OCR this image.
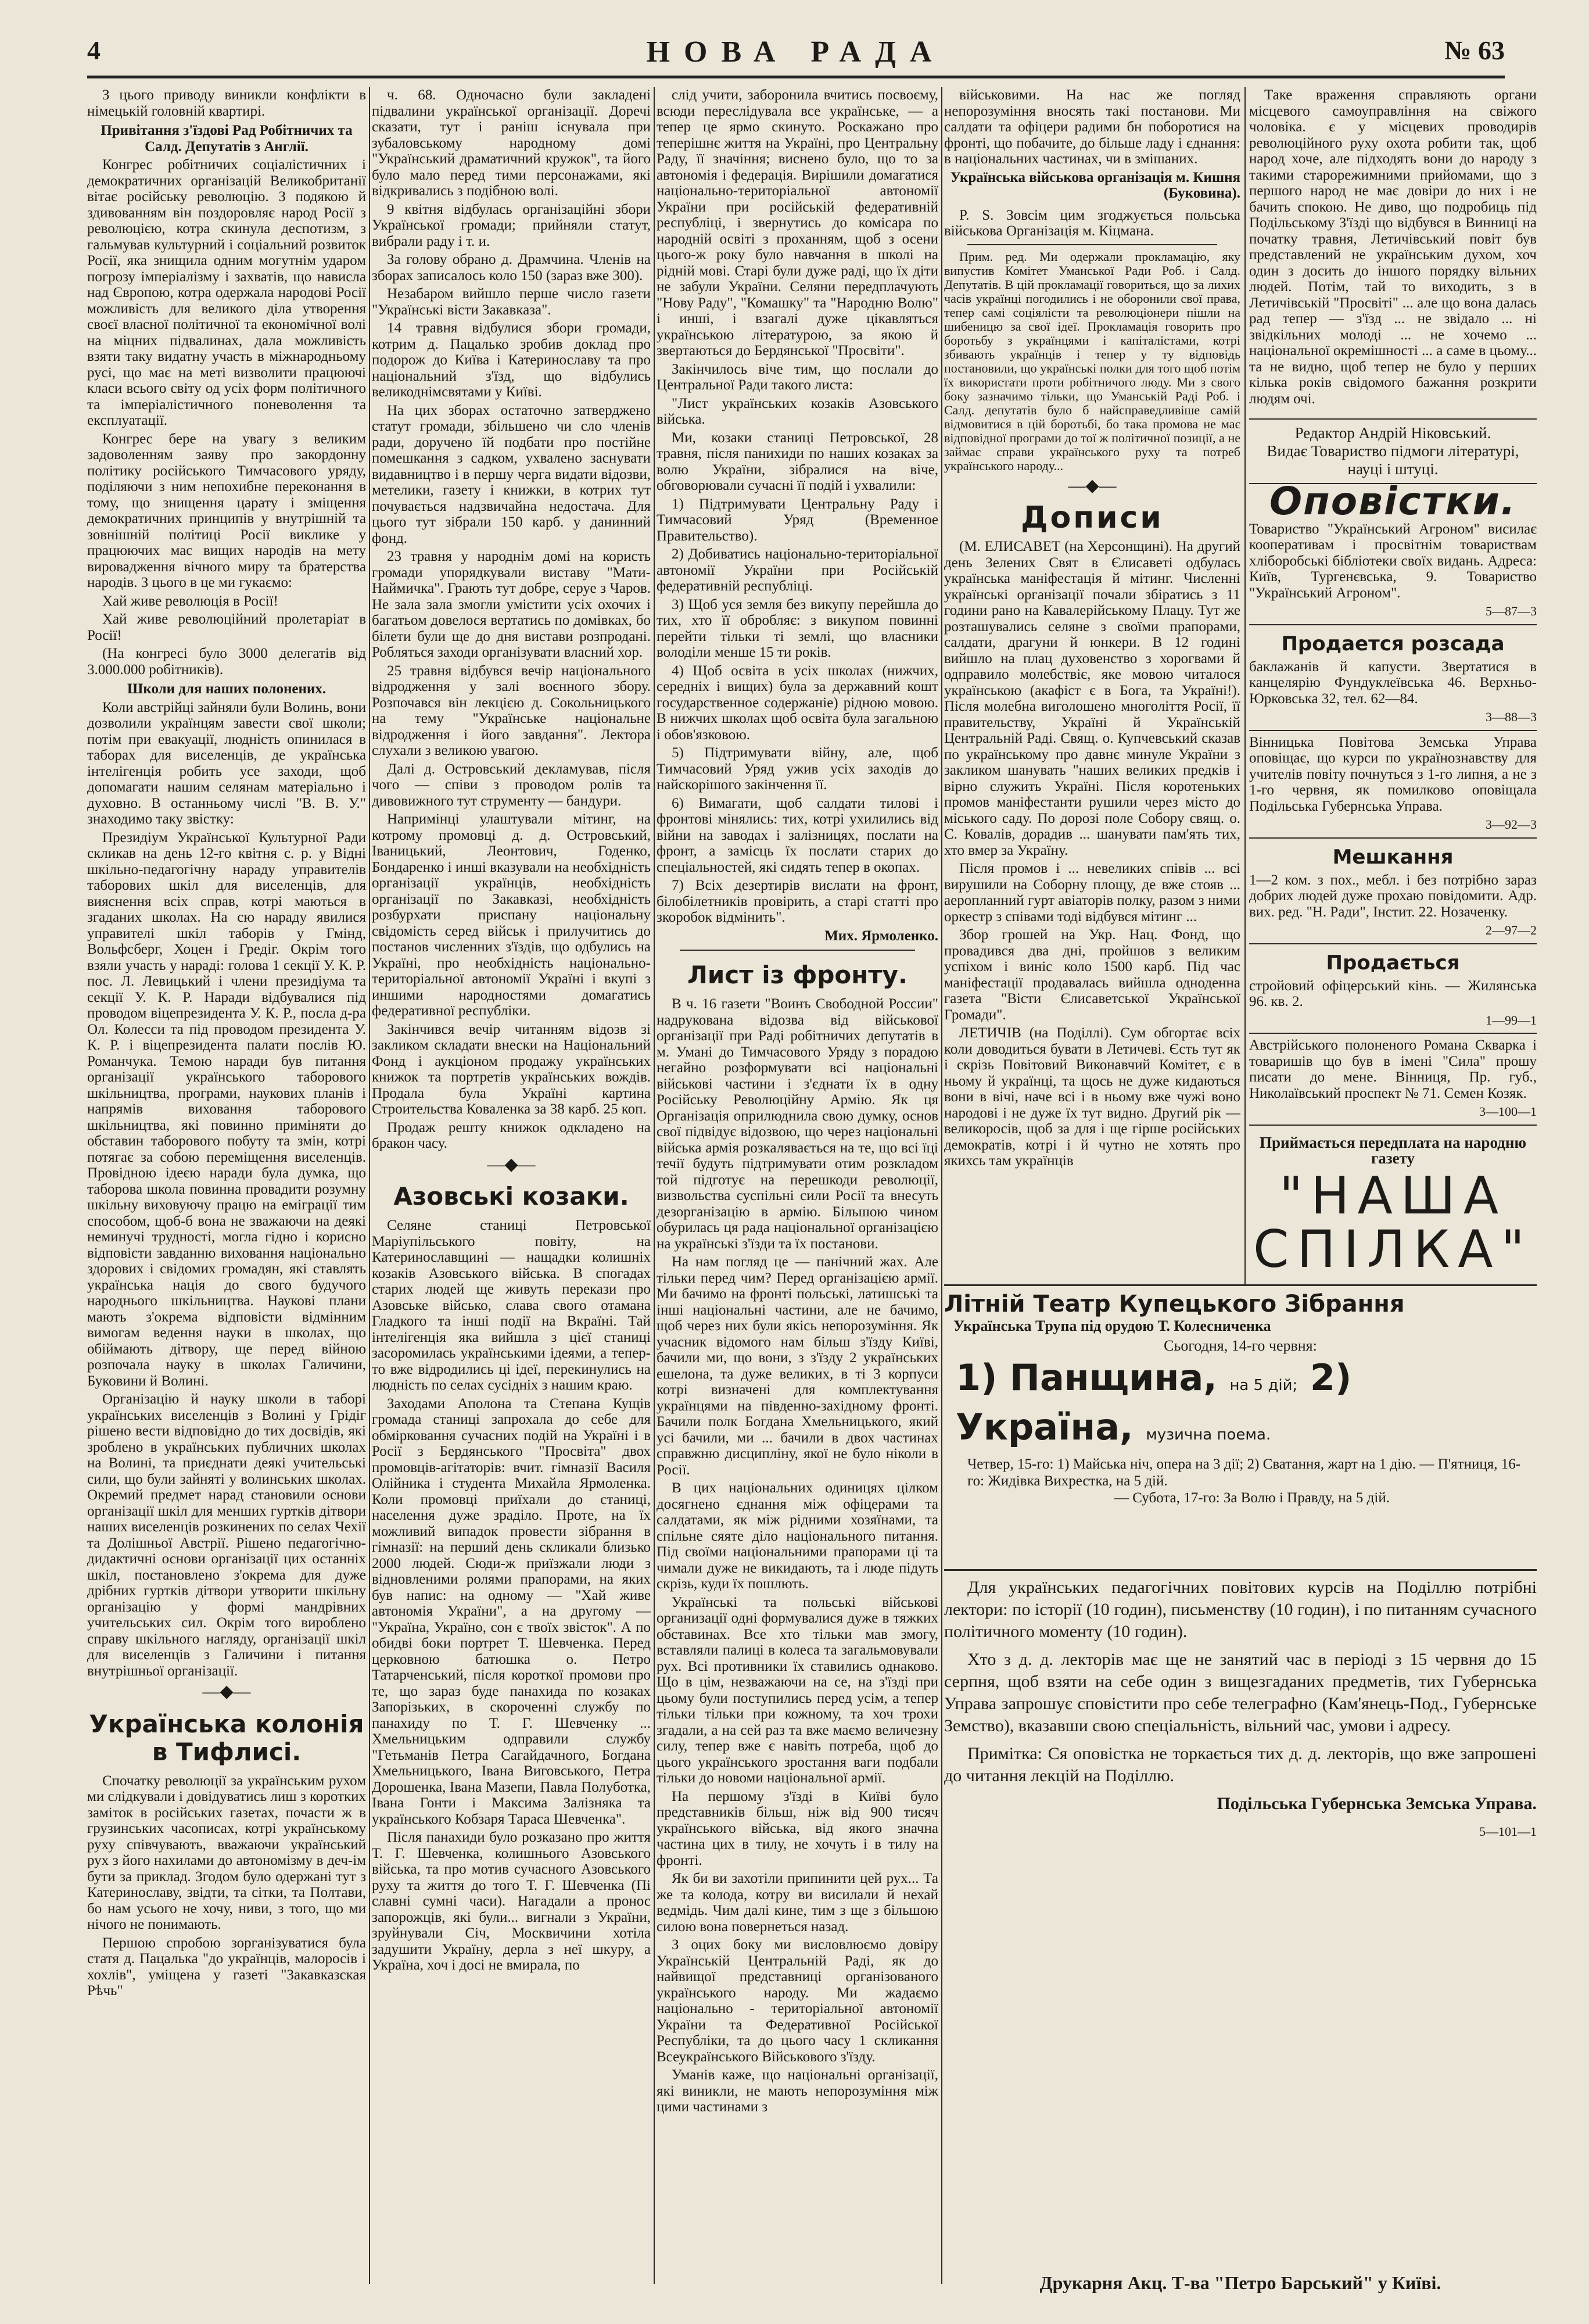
4	НОВА РАДА	№ 63

З цього приводу виникли конфлікти в німецькій головній квартирі.

Привітання з'їздові Рад Робітничих та Салд. Депутатів з Англії.

Конгрес робітничих соціалістичних і демократичних організацій Великобританії вітає російську революцію. З подякою й здивованням він поздоровляє народ Росії з революцією, котра скинула деспотизм, з гальмував культурний і соціальний розвиток Росії, яка знищила одним могутнім ударом погрозу імперіалізму і захватів, що нависла над Європою, котра одержала народові Росії можливість для великого діла утворення своєї власної політичної та економічної волі на міцних підвалинах, дала можливість взяти таку видатну участь в міжнародньому русі, що має на меті визволити працюючі класи всього світу од усіх форм політичного та імперіалістичного поневолення та експлуатації.

Конгрес бере на увагу з великим задоволенням заяву про закордонну політику російського Тимчасового уряду, поділяючи з ним непохибне переконання в тому, що знищення царату і зміщення демократичних принципів у внутрішній та зовнішній політиці Росії виклике у працюючих мас вищих народів на мету вировадження вічного миру та братерства народів. З цього в це ми гукаємо:

Хай живе революція в Росії!

Хай живе революційний пролетаріат в Росії!

(На конгресі було 3000 делегатів від 3.000.000 робітників).

Школи для наших полонених.

Коли австрійці зайняли були Волинь, вони дозволили українцям завести свої школи; потім при евакуації, людність опинилася в таборах для виселенців, де українська інтелігенція робить усе заходи, щоб допомагати нашим селянам матеріально і духовно. В останньому числі "В. В. У." знаходимо таку звістку:

Президіум Української Культурної Ради скликав на день 12-го квітня с. р. у Відні шкільно-педагогічну нараду управителів таборових шкіл для виселенців, для вияснення всіх справ, котрі маються в згаданих школах. На сю нараду явилися управителі шкіл таборів у Гмінд, Вольфсберг, Хоцен і Гредіг. Окрім того взяли участь у нараді: голова 1 секції У. К. Р. пос. Л. Левицький і члени президіума та секції У. К. Р. Наради відбувалися під проводом віцепрезидента У. К. Р., посла д-ра Ол. Колесси та під проводом президента У. К. Р. і віцепрезидента палати послів Ю. Романчука. Темою наради був питання організації українського таборового шкільництва, програми, наукових планів і напрямів виховання таборового шкільництва, які повинно приміняти до обставин таборового побуту та змін, котрі потягає за собою переміщення виселенців. Провідною ідеєю наради була думка, що таборова школа повинна провадити розумну шкільну виховуючу працю на еміграції тим способом, щоб-б вона не зважаючи на деякі неминучі трудності, могла гідно і корисно відповісти завданню виховання національно здорових і свідомих громадян, які ставлять українська нація до свого будучого народнього шкільництва. Наукові плани мають з'окрема відповісти відмінним вимогам ведення науки в школах, що обіймають дітвору, ще перед війною розпочала науку в школах Галичини, Буковини й Волині.

Організацію й науку школи в таборі українських виселенців з Волині у Грідіг рішено вести відповідно до тих досвідів, які зроблено в українських публичних школах на Волині, та приєднати деякі учительські сили, що були зайняті у волинських школах. Окремий предмет нарад становили основи організації шкіл для менших гуртків дітвори наших виселенців розкинених по селах Чехії та Долішньої Австрії. Рішено педагогічно-дидактичні основи організації цих останніх шкіл, постановлено з'окрема для дуже дрібних гуртків дітвори утворити шкільну організацію у формі мандрівних учительських сил. Окрім того вироблено справу шкільного нагляду, організації шкіл для виселенців з Галичини і питання внутрішньої організації.

—◆—

Українська колонія в Тифлисі.

Спочатку революції за українським рухом ми слідкували і довідуватись лиш з коротких заміток в російських газетах, почасти ж в грузинських часописах, котрі українському руху співчувають, вважаючи український рух з його нахилами до автономізму в деч-ім бути за приклад. Згодом було одержані тут з Катеринославу, звідти, та сітки, та Полтави, бо нам усього не хочу, ниви, з того, що ми нічого не понимають.

Першою спробою зорганізуватися була статя д. Пацалька "до українців, малоросів і хохлів", уміщена у газеті "Закавказская Рѣчь"

ч. 68. Одночасно були закладені підвалини української організації. Доречі сказати, тут і раніш існувала при зубаловському народному домі "Український драматичний кружок", та його було мало перед тими персонажами, які відкривались з подібною волі.

9 квітня відбулась організаційні збори Української громади; прийняли статут, вибрали раду і т. и.

За голову обрано д. Драмчина. Членів на зборах записалось коло 150 (зараз вже 300).

Незабаром вийшло перше число газети "Українські вісти Закавказа".

14 травня відбулися збори громади, котрим д. Пацалько зробив доклад про подорож до Київа і Катеринославу та про національний з'їзд, що відбулись великоднімсвятами у Київі.

На цих зборах остаточно затверджено статут громади, збільшено чи сло членів ради, доручено їй подбати про постійне помешкання з садком, ухвалено заснувати видавництво і в першу черга видати відозви, метелики, газету і книжки, в котрих тут почувається надзвичайна недостача. Для цього тут зібрали 150 карб. у данинний фонд.

23 травня у народнім домі на користь громади упорядкували виставу "Мати-Наймичка". Грають тут добре, серуе з Чаров. Не зала зала змогли умістити усіх охочих і багатьом довелося вертатись по домівках, бо білети були ще до дня вистави розпродані. Робляться заходи організувати власний хор.

25 травня відбувся вечір національного відродження у залі воєнного збору. Розпочався він лекцією д. Сокольницького на тему "Українське національне відродження і його завдання". Лектора слухали з великою увагою.

Далі д. Островський декламував, після чого — співи з проводом ролів та дивовижного тут струменту — бандури.

Напримінці улаштували мітинг, на котрому промовці д. д. Островський, Іваницький, Леонтович, Годенко, Бондаренко і инші вказували на необхідність організації українців, необхідність організації по Закавказі, необхідність розбурхати приспану національну свідомість серед військ і прилучитись до постанов численних з'їздів, що одбулись на Україні, про необхідність національно-територіальної автономії Україні і вкупі з иншими народностями домагатись федеративної республіки.

Закінчився вечір читанням відозв зі закликом складати внески на Національний Фонд і аукціоном продажу українських книжок та портретів українських вождів. Продала була Україні картина Строительства Коваленка за 38 карб. 25 коп.

Продаж решту книжок одкладено на бракон часу.

—◆—

Азовські козаки.

Селяне станиці Петровської Маріупільського повіту, на Катеринославщині — нащадки колишніх козаків Азовського війська. В спогадах старих людей ще живуть перекази про Азовське військо, слава свого отамана Гладкого та інші події на Вкраїні. Тай інтелігенція яка вийшла з цієї станиці засоромилась українськими ідеями, а тепер-то вже відродились ці ідеї, перекинулись на людність по селах сусідніх з нашим краю.

Заходами Аполона та Степана Кущів громада станиці запрохала до себе для обмірковання сучасних подій на Україні і в Росії з Бердянського "Просвіта" двох промовців-агітаторів: вчит. гімназії Василя Олійника і студента Михайла Ярмоленка. Коли промовці приїхали до станиці, населення дуже зраділо. Проте, на їх можливий випадок провести зібрання в гімназії: на перший день скликали близько 2000 людей. Сюди-ж приїзжали люди з відновленими ролями прапорами, на яких був напис: на одному — "Хай живе автономія України", а на другому — "Україна, Україно, сон є твоїх звісток". А по обидві боки портрет Т. Шевченка. Перед церковною батюшка о. Петро Татарченський, після короткої промови про те, що зараз буде панахида по козаках Запорізьких, в скороченні службу по панахиду по Т. Г. Шевченку ... Хмельницьким одправили службу "Гетьманів Петра Сагайдачного, Богдана Хмельницького, Івана Виговського, Петра Дорошенка, Івана Мазепи, Павла Полуботка, Івана Гонти і Максима Залізняка та українського Кобзаря Тараса Шевченка".

Після панахиди було розказано про життя Т. Г. Шевченка, колишнього Азовського війська, та про мотив сучасного Азовського руху та життя до того Т. Г. Шевченка (Пі славні сумні часи). Нагадали а пронос запорожців, які були... вигнали з України, зруйнували Січ, Москвичини хотіла задушити Україну, дерла з неї шкуру, а Україна, хоч і досі не вмирала, по

слід учити, заборонила вчитись посвоєму, всюди переслідувала все українське, — а тепер це ярмо скинуто. Роскажано про теперішнє життя на Україні, про Центральну Раду, її значіння; виснено було, що то за автономія і федерація. Вирішили домагатися національно-територіальної автономії України при російській федеративній республіці, і звернутись до комісара по народній освіті з проханням, щоб з осени цього-ж року було навчання в школі на рідній мові. Старі були дуже раді, що їх діти не забули України. Селяни передплачують "Нову Раду", "Комашку" та "Народню Волю" і инші, і взагалі дуже цікавляться українською літературою, за якою й звертаються до Бердянської "Просвіти".

Закінчилось віче тим, що послали до Центральної Ради такого листа:

"Лист українських козаків Азовського війська.

Ми, козаки станиці Петровської, 28 травня, після панихиди по наших козаках за волю України, зібралися на віче, обговорювали сучасні її подій і ухвалили:

1) Підтримувати Центральну Раду і Тимчасовий Уряд (Временное Правительство).

2) Добиватись національно-територіальної автономії України при Російській федеративній республіці.

3) Щоб уся земля без викупу перейшла до тих, хто її обробляє: з викупом повинні перейти тільки ті землі, що власники володіли менше 15 ти років.

4) Щоб освіта в усіх школах (нижчих, середніх і вищих) була за державний кошт государственное содержаніе) рідною мовою. В нижчих школах щоб освіта була загальною і обов'язковою.

5) Підтримувати війну, але, щоб Тимчасовий Уряд ужив усіх заходів до найскорішого закінчення її.

6) Вимагати, щоб салдати тилові і фронтові мінялись: тих, котрі ухилились від війни на заводах і залізницях, послати на фронт, а замісць їх послати старих до спеціальностей, які сидять тепер в окопах.

7) Всіх дезертирів вислати на фронт, білобілетників провірить, а старі статті про зкоробок відмінить".

Мих. Ярмоленко.

Лист із фронту.

В ч. 16 газети "Воинъ Свободной России" надрукована відозва від військової організації при Раді робітничих депутатів в м. Умані до Тимчасового Уряду з порадою негайно розформувати всі національні військові частини і з'єднати їх в одну Російську Революційну Армію. Як ця Організація оприлюднила свою думку, основ свої підвідує відозвою, що через національні війська армія розкалявається на те, що всі їці течії будуть підтримувати отим розкладом той підготує на перешкоди революції, визвольства суспільні сили Росії та внесуть дезорганізацію в армію. Більшою чином обурилась ця рада національної організацією на українські з'їзди та їх постанови.

На нам погляд це — панічний жах. Але тільки перед чим? Перед органiзацією армії. Ми бачимо на фронті польські, латишські та інші національні частини, але не бачимо, щоб через них були якісь непорозуміння. Як учасник відомого нам більш з'їзду Київі, бачили ми, що вони, з з'їзду 2 українських ешелона, та дуже великих, в ті 3 корпуси котрі визначені для комплектування українцями на південно-західному фронті. Бачили полк Богдана Хмельницького, який усі бачили, ми ... бачили в двох частинах справжню дисципліну, якої не було ніколи в Росії.

В цих національних одиницях цілком досягнено єднання між офіцерами та салдатами, як між рідними хозяїнами, та спільне сяяте діло національного питання. Під своїми національними прапорами ці та чимали дуже не викидають, та і люде підуть скрізь, куди їх пошлють.

Українські та польські військові организації одні формувалися дуже в тяжких обставинах. Все хто тільки мав змогу, вставляли палиці в колеса та загальмовували рух. Всі противники їх ставились однаково. Що в цім, незважаючи на се, на з'їзді при цьому були поступились перед усім, а тепер тільки тільки при кожному, та хоч трохи згадали, а на сей раз та вже маємо величезну силу, тепер вже є навіть потреба, щоб до цього українського зростання ваги подбали тільки до новоми національної армії.

На першому з'їзді в Київі було представників більш, ніж від 900 тисяч українського війська, від якого значна частина цих в тилу, не хочуть і в тилу на фронті.

Як би ви захотіли припинити цей рух... Та же та колода, котру ви висилали й нехай ведмідь. Чим далі кине, тим з ще з більшою силою вона повернеться назад.

З оцих боку ми висловлюємо довіру Українській Центральній Раді, як до найвищої представниці організованого українського народу. Ми жадаємо національно - територіальної автономії України та Федеративної Російської Республіки, та до цього часу 1 скликання Всеукраїнського Військового з'їзду.

Уманів каже, що національні організації, які виникли, не мають непорозуміння між цими частинами з

військовими. На нас же погляд непорозуміння вносять такі постанови. Ми салдати та офіцери радими бн поборотися на фронті, що побачите, до більше ладу і єднання: в національних частинах, чи в змішаних.

Українська військова організація м. Кишня (Буковина).

P. S. Зовсім цим згоджується польська військова Організація м. Кіцмана.

Прим. ред. Ми одержали прокламацію, яку випустив Комітет Уманської Ради Роб. і Салд. Депутатів. В цій прокламації говориться, що за лихих часів українці погодились і не оборонили свої права, тепер самі соціялісти та революціонери пішли на шибеницю за свої ідеї. Прокламація говорить про боротьбу з українцями і капіталістами, котрі збивають українців і тепер у ту відповідь постановили, що українські полки для того щоб потім їх використати проти робітничого люду. Ми з свого боку зазначимо тільки, що Уманській Раді Роб. і Салд. депутатів було б найсправедливіше самій відмовитися в цій боротьбі, бо така промова не має відповідної програми до тої ж політичної позиції, а не займає справи українського руху та потреб українського народу...

—◆—

Дописи

(М. ЕЛИСАВЕТ (на Херсонщині). На другий день Зелених Свят в Єлисаветі одбулась українська маніфестація й мітинг. Численні українські організації почали збіратись з 11 години рано на Кавалерійському Плацу. Тут же розташувались селяне з своїми прапорами, салдати, драгуни й юнкери. В 12 годині вийшло на плац духовенство з хорогвами й одправило молебствіє, яке мовою читалося українською (акафіст є в Бога, та Україні!). Після молебна виголошено многоліття Росії, її правительству, Україні й Українській Центральній Раді. Свящ. о. Купчевський сказав по українському про давнє минуле України з закликом шанувать "наших великих предків і вірно служить Україні. Після коротеньких промов маніфестанти рушили через місто до міського саду. По дорозі поле Собору свящ. о. С. Ковалів, дорадив ... шанувати пам'ять тих, хто вмер за Україну.

Після промов і ... невеликих співів ... всі вирушили на Соборну площу, де вже стояв ... аеропланний гурт авіаторів полку, разом з ними оркестр з співами тоді відбувся мітинг ...

Збор грошей на Укр. Нац. Фонд, що провадився два дні, пройшов з великим успіхом і виніс коло 1500 карб. Під час маніфестації продавалась вийшла одноденна газета "Вісти Єлисаветської Української Громади".

ЛЕТИЧІВ (на Поділлі). Сум обгортає всіх коли доводиться бувати в Летичеві. Єсть тут як і скрізь Повітовий Виконавчий Комітет, є в ньому й українці, та щось не дуже кидаються вони в вічі, наче всі і в ньому вже чужі воно народові і не дуже їх тут видно. Другий рік — великоросів, щоб за для і ще гірше російських демократів, котрі і й чутно не хотять про якихсь там українців

Таке враження справляють органи місцевого самоуправління на свіжого чоловіка. є у місцевих проводирів революційного руху охота робити так, щоб народ хоче, але підходять вони до народу з такими старорежимними прийомами, що з першого народ не має довіри до них і не бачить спокою. Не диво, що подробиць під Подільському З'їзді що відбувся в Винниці на початку травня, Летичівський повіт був представлений не українським духом, хоч один з досить до іншого порядку вільних людей. Потім, тай то виходить, з в Летичівській "Просвіті" ... але що вона далась рад тепер — з'їзд ... не звідало ... ні звідкільних молоді ... не хочемо ... національної окремішності ... а саме в цьому... та не видно, щоб тепер не було у перших кілька років свідомого бажання розкрити людям очі.

Редактор Андрій Ніковський.
Видає Товариство підмоги літературі, науці і штуці.
Оповістки.

Товариство "Український Агроном" висилає кооперативам і просвітнім товариствам хліборобські бібліотеки своїх видань. Адреса: Київ, Тургенєвська, 9. Товариство "Український Агроном".

5—87—3
Продается розсада

баклажанів й капусти. Звертатися в канцелярію Фундуклеївська 46. Верхньо-Юрковська 32, тел. 62—84.

3—88—3

Вінницька Повітова Земська Управа оповіщає, що курси по українознавству для учителів повіту почнуться з 1-го липня, а не з 1-го червня, як помилково оповіщала Подільська Губернська Управа.

3—92—3
Мешкання

1—2 ком. з пох., мебл. і без потрібно зараз добрих людей дуже прохаю повідомити. Адр. вих. ред. "Н. Ради", Інстит. 22. Нозаченку.

2—97—2
Продається

стройовий офіцерський кінь. — Жилянська 96. кв. 2.

1—99—1

Австрійського полоненого Романа Скварка і товаришів що був в імені "Сила" прошу писати до мене. Вінниця, Пр. губ., Николаївський проспект № 71. Семен Козяк.

3—100—1
Приймається передплата на народню газету
"НАША СПІЛКА"

Літній Театр Купецького Зібрання Українська Трупа під орудою Т. Колесниченка
Сьогодня, 14-го червня:
1) Панщина, на 5 дій; 2) Україна, музична поема.
Четвер, 15-го: 1) Майська ніч, опера на 3 дії; 2) Сватання, жарт на 1 дію. — П'ятниця, 16-го: Жидівка Вихрестка, на 5 дій.
— Субота, 17-го: За Волю і Правду, на 5 дій.

Для українських педагогічних повітових курсів на Поділлю потрібні лектори: по історії (10 годин), письменству (10 годин), і по питанням сучасного політичного моменту (10 годин).

Хто з д. д. лекторів має ще не занятий час в періоді з 15 червня до 15 серпня, щоб взяти на себе один з вищезгаданих предметів, тих Губернська Управа запрошує сповістити про себе телеграфно (Кам'янець-Под., Губернське Земство), вказавши свою спеціальність, вільний час, умови і адресу.

Примітка: Ся оповістка не торкається тих д. д. лекторів, що вже запрошені до читання лекцій на Поділлю.

Подільська Губернська Земська Управа.

5—101—1
Друкарня Акц. Т-ва "Петро Барський" у Київі.
